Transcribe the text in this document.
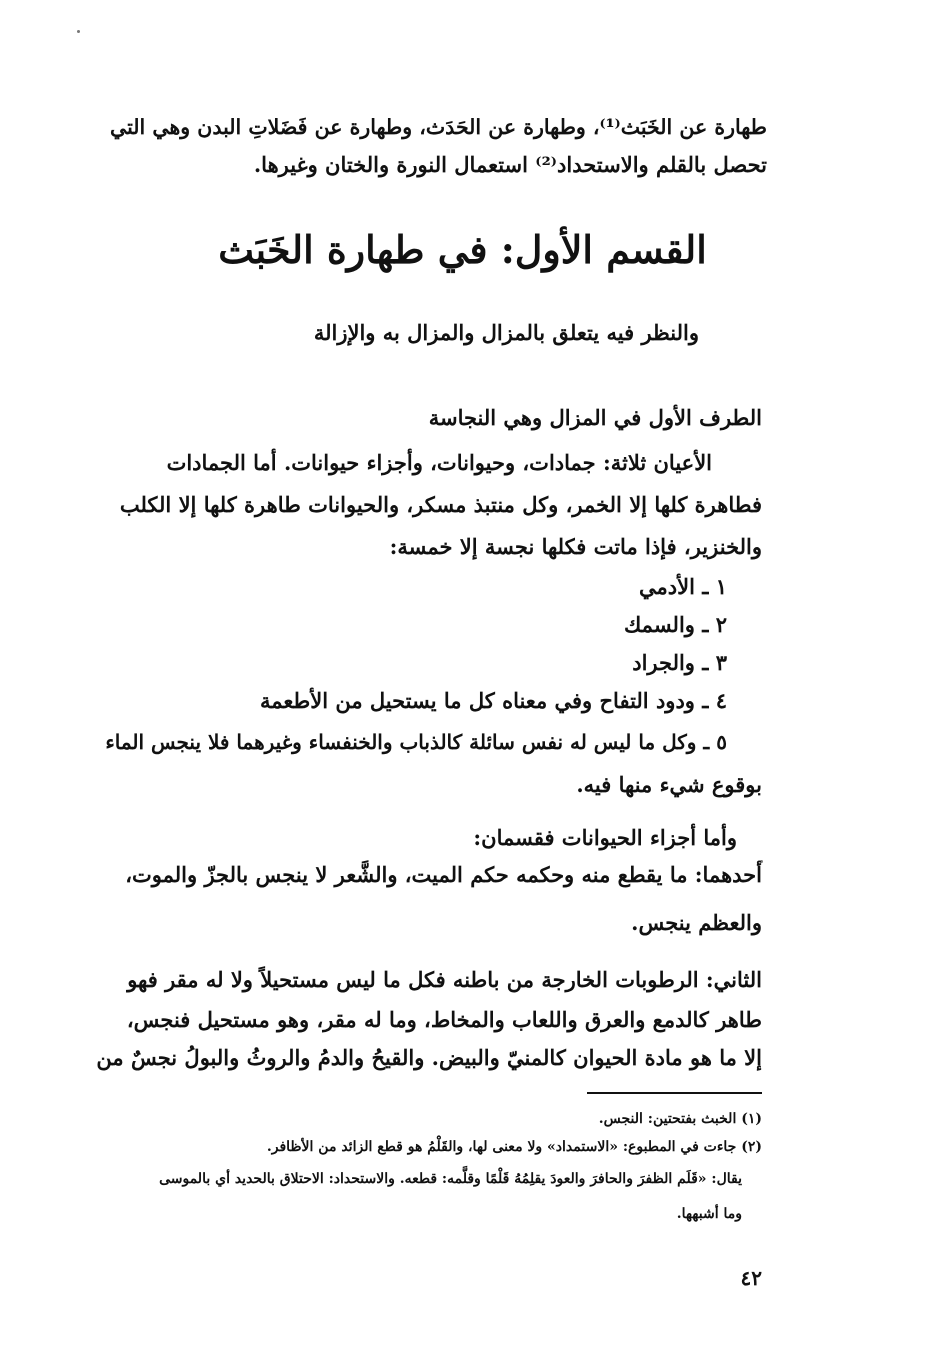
طهارة عن الخَبَث⁽¹⁾، وطهارة عن الحَدَث، وطهارة عن فَضَلاتِ البدن وهي التي
تحصل بالقلم والاستحداد⁽²⁾ استعمال النورة والختان وغيرها.
القسم الأول: في طهارة الخَبَث
والنظر فيه يتعلق بالمزال والمزال به والإزالة
الطرف الأول في المزال وهي النجاسة
الأعيان ثلاثة: جمادات، وحيوانات، وأجزاء حيوانات. أما الجمادات
فطاهرة كلها إلا الخمر، وكل منتبذ مسكر، والحيوانات طاهرة كلها إلا الكلب
والخنزير، فإذا ماتت فكلها نجسة إلا خمسة:
١ ـ الأدمي
٢ ـ والسمك
٣ ـ والجراد
٤ ـ ودود التفاح وفي معناه كل ما يستحيل من الأطعمة
٥ ـ وكل ما ليس له نفس سائلة كالذباب والخنفساء وغيرهما فلا ينجس الماء
بوقوع شيء منها فيه.
وأما أجزاء الحيوانات فقسمان:
أحدهما: ما يقطع منه وحكمه حكم الميت، والشَّعر لا ينجس بالجزّ والموت،
والعظم ينجس.
الثاني: الرطوبات الخارجة من باطنه فكل ما ليس مستحيلاً ولا له مقر فهو
طاهر كالدمع والعرق واللعاب والمخاط، وما له مقر، وهو مستحيل فنجس،
إلا ما هو مادة الحيوان كالمنيّ والبيض. والقيحُ والدمُ والروثُ والبولُ نجسٌ من
(١) الخبث بفتحتين: النجس.
(٢) جاءت في المطبوع: «الاستمداد» ولا معنى لها، والقَلْمُ هو قطع الزائد من الأظافر.
يقال: «قَلَم الظفرَ والحافرَ والعودَ يقلِمُهُ قَلْمًا وقلَّمه: قطعه. والاستحداد: الاحتلاق بالحديد أي بالموسى
وما أشبهها.
٤٢
